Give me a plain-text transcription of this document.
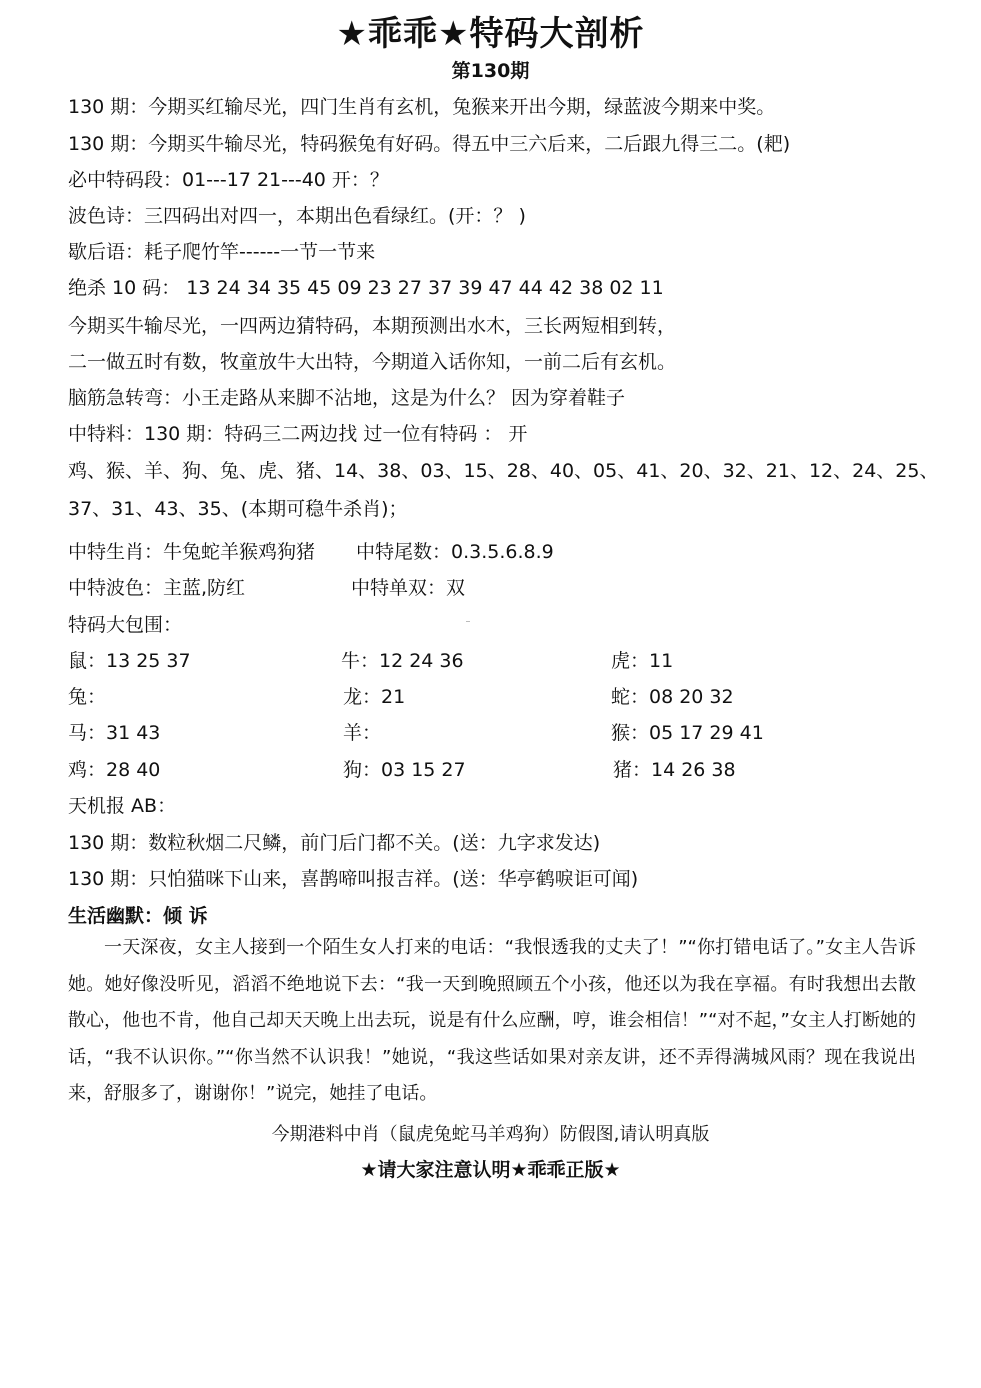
★乖乖★特码大剖析
第130期
130 期：今期买红输尽光，四门生肖有玄机，兔猴来开出今期，绿蓝波今期来中奖。
130 期：今期买牛输尽光，特码猴兔有好码。得五中三六后来，二后跟九得三二。(耙)
必中特码段：01---17 21---40 开：？
波色诗：三四码出对四一，本期出色看绿红。(开：？ )
歇后语：耗子爬竹竿------一节一节来
绝杀 10 码： 13 24 34 35 45 09 23 27 37 39 47 44 42 38 02 11
今期买牛输尽光，一四两边猜特码，本期预测出水木，三长两短相到转，
二一做五时有数，牧童放牛大出特，今期道入话你知，一前二后有玄机。
脑筋急转弯：小王走路从来脚不沾地，这是为什么？ 因为穿着鞋子
中特料：130 期：特码三二两边找 过一位有特码 ： 开
鸡、猴、羊、狗、兔、虎、猪、14、38、03、15、28、40、05、41、20、32、21、12、24、25、
37、31、43、35、(本期可稳牛杀肖)；
中特生肖：牛兔蛇羊猴鸡狗猪 中特尾数：0.3.5.6.8.9
中特波色：主蓝,防红	中特单双：双
特码大包围：
鼠：13 25 37	牛：12 24 36	虎：11
兔：	龙：21	蛇：08 20 32
马：31 43	羊：	猴：05 17 29 41
鸡：28 40	狗：03 15 27	猪：14 26 38
天机报 AB：
130 期：数粒秋烟二尺鳞，前门后门都不关。(送：九字求发达)
130 期：只怕猫咪下山来，喜鹊啼叫报吉祥。(送：华亭鹤唳讵可闻)
生活幽默：倾 诉
一天深夜，女主人接到一个陌生女人打来的电话：“我恨透我的丈夫了！”“你打错电话了。”女主人告诉她。她好像没听见，滔滔不绝地说下去：“我一天到晚照顾五个小孩，他还以为我在享福。有时我想出去散散心，他也不肯，他自己却天天晚上出去玩，说是有什么应酬，哼，谁会相信！”“对不起，”女主人打断她的话，“我不认识你。”“你当然不认识我！”她说，“我这些话如果对亲友讲，还不弄得满城风雨？现在我说出来，舒服多了，谢谢你！”说完，她挂了电话。
今期港料中肖（鼠虎兔蛇马羊鸡狗）防假图,请认明真版
★请大家注意认明★乖乖正版★
